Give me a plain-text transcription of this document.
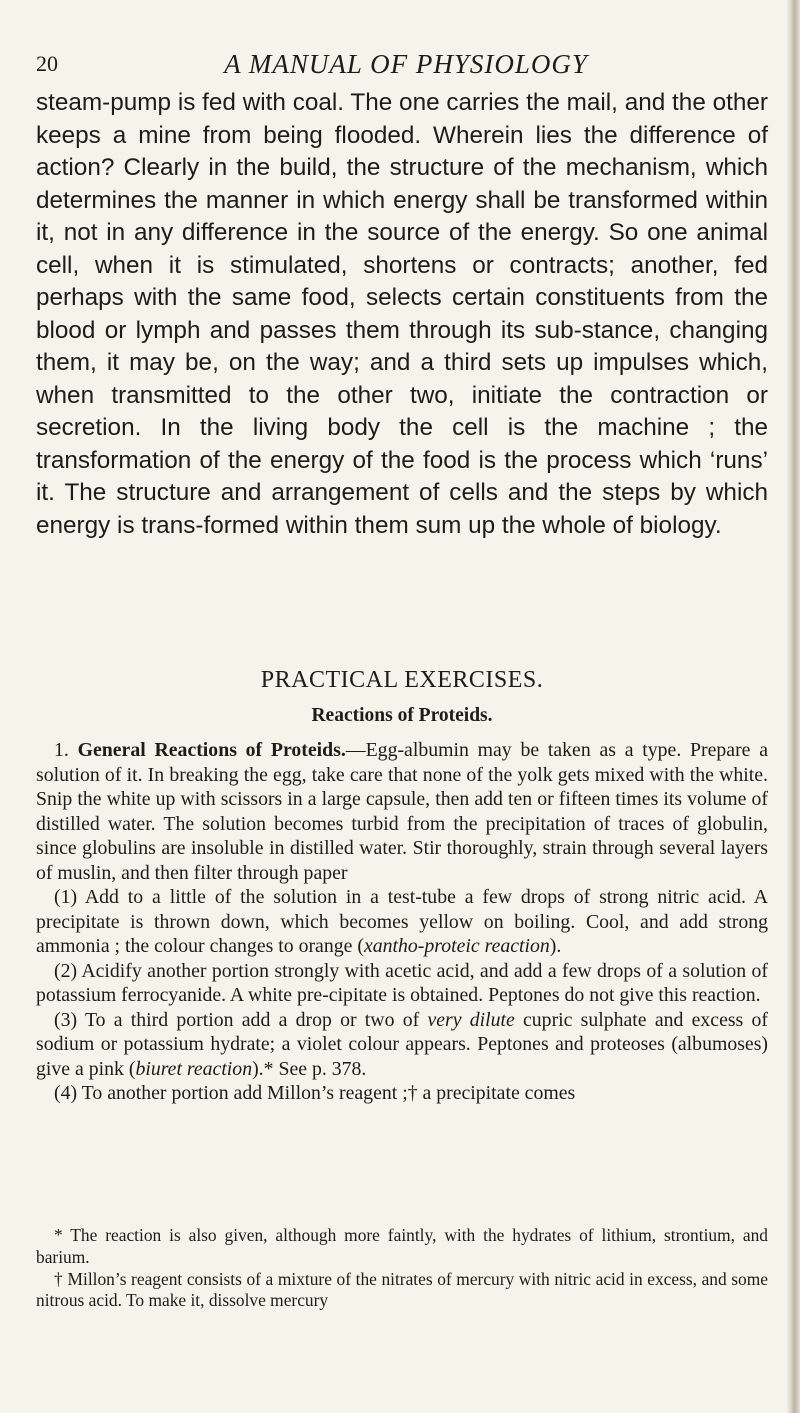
20	A MANUAL OF PHYSIOLOGY

steam-pump is fed with coal. The one carries the mail, and the other keeps a mine from being flooded. Wherein lies the difference of action? Clearly in the build, the structure of the mechanism, which determines the manner in which energy shall be transformed within it, not in any difference in the source of the energy. So one animal cell, when it is stimulated, shortens or contracts; another, fed perhaps with the same food, selects certain constituents from the blood or lymph and passes them through its sub-stance, changing them, it may be, on the way; and a third sets up impulses which, when transmitted to the other two, initiate the contraction or secretion. In the living body the cell is the machine ; the transformation of the energy of the food is the process which ‘runs’ it. The structure and arrangement of cells and the steps by which energy is trans-formed within them sum up the whole of biology.

PRACTICAL EXERCISES.
Reactions of Proteids.

1. General Reactions of Proteids.—Egg-albumin may be taken as a type. Prepare a solution of it. In breaking the egg, take care that none of the yolk gets mixed with the white. Snip the white up with scissors in a large capsule, then add ten or fifteen times its volume of distilled water. The solution becomes turbid from the precipitation of traces of globulin, since globulins are insoluble in distilled water. Stir thoroughly, strain through several layers of muslin, and then filter through paper

(1) Add to a little of the solution in a test-tube a few drops of strong nitric acid. A precipitate is thrown down, which becomes yellow on boiling. Cool, and add strong ammonia ; the colour changes to orange (xantho-proteic reaction).

(2) Acidify another portion strongly with acetic acid, and add a few drops of a solution of potassium ferrocyanide. A white pre-cipitate is obtained. Peptones do not give this reaction.

(3) To a third portion add a drop or two of very dilute cupric sulphate and excess of sodium or potassium hydrate; a violet colour appears. Peptones and proteoses (albumoses) give a pink (biuret reaction).* See p. 378.

(4) To another portion add Millon’s reagent ;† a precipitate comes

* The reaction is also given, although more faintly, with the hydrates of lithium, strontium, and barium.

† Millon’s reagent consists of a mixture of the nitrates of mercury with nitric acid in excess, and some nitrous acid. To make it, dissolve mercury
